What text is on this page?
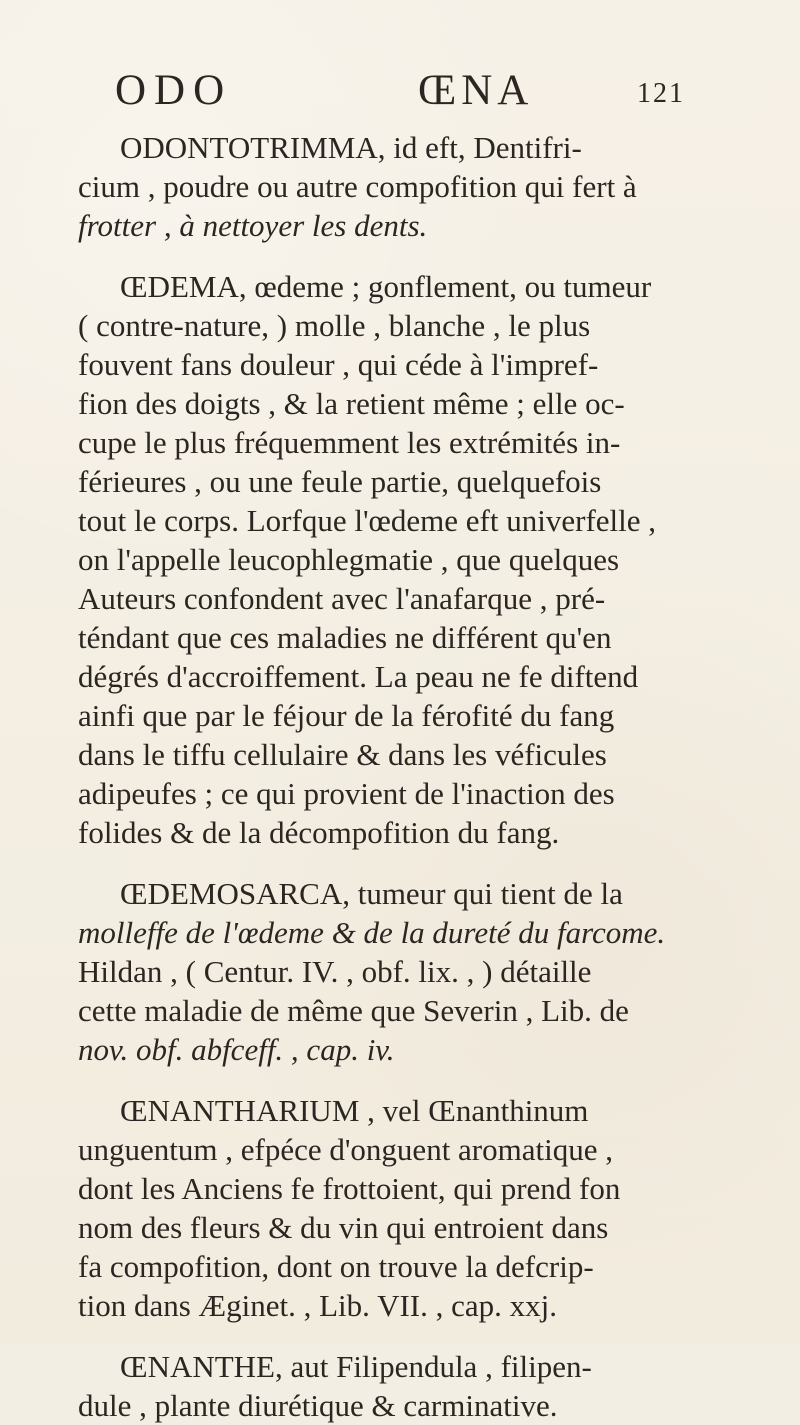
ODO	ŒNA	121
ODONTOTRIMMA, id eft, Dentifri-
cium , poudre ou autre compofition qui fert à
frotter , à nettoyer les dents.
ŒDEMA, œdeme ; gonflement, ou tumeur
( contre-nature, ) molle , blanche , le plus
fouvent fans douleur , qui céde à l'impref-
fion des doigts , & la retient même ; elle oc-
cupe le plus fréquemment les extrémités in-
férieures , ou une feule partie, quelquefois
tout le corps. Lorfque l'œdeme eft univerfelle ,
on l'appelle leucophlegmatie , que quelques
Auteurs confondent avec l'anafarque , pré-
téndant que ces maladies ne différent qu'en
dégrés d'accroiffement. La peau ne fe diftend
ainfi que par le féjour de la férofité du fang
dans le tiffu cellulaire & dans les véficules
adipeufes ; ce qui provient de l'inaction des
folides & de la décompofition du fang.
ŒDEMOSARCA, tumeur qui tient de la
molleffe de l'œdeme & de la dureté du farcome.
Hildan , ( Centur. IV. , obf. lix. , ) détaille
cette maladie de même que Severin , Lib. de
nov. obf. abfceff. , cap. iv.
ŒNANTHARIUM , vel Œnanthinum
unguentum , efpéce d'onguent aromatique ,
dont les Anciens fe frottoient, qui prend fon
nom des fleurs & du vin qui entroient dans
fa compofition, dont on trouve la defcrip-
tion dans Æginet. , Lib. VII. , cap. xxj.
ŒNANTHE, aut Filipendula , filipen-
dule , plante diurétique & carminative.
